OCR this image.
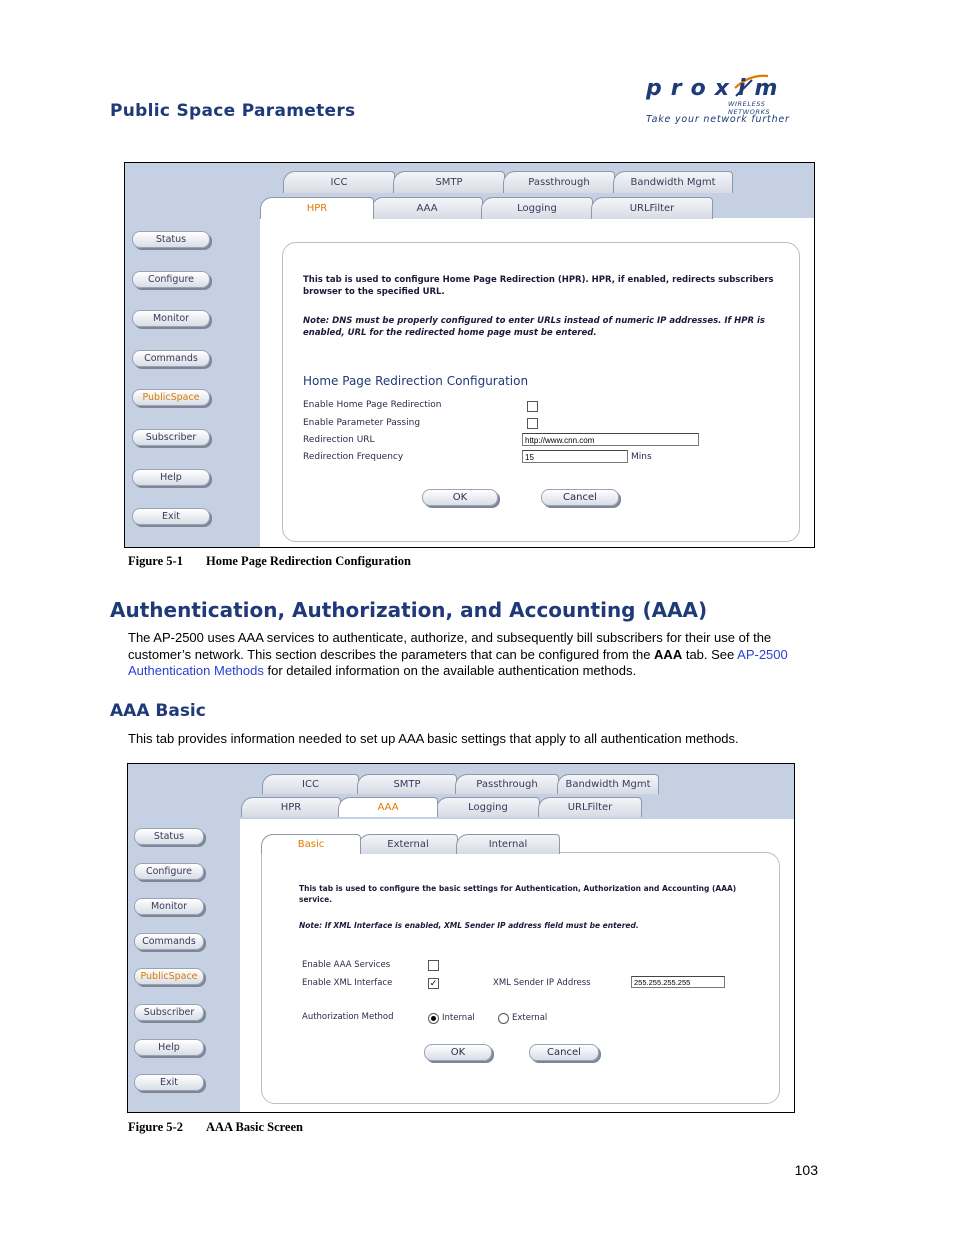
Public Space Parameters
proxim
WIRELESS NETWORKS
Take your network further
Status
Configure
Monitor
Commands
PublicSpace
Subscriber
Help
Exit
ICC	SMTP	Passthrough	Bandwidth Mgmt
HPR	AAA	Logging	URLFilter
This tab is used to configure Home Page Redirection (HPR). HPR, if enabled, redirects subscribers
browser to the specified URL.
Note: DNS must be properly configured to enter URLs instead of numeric IP addresses. If HPR is
enabled, URL for the redirected home page must be entered.
Home Page Redirection Configuration
Enable Home Page Redirection
Enable Parameter Passing
Redirection URL	http://www.cnn.com
Redirection Frequency	15	Mins
OK	Cancel
Figure 5-1 Home Page Redirection Configuration
Authentication, Authorization, and Accounting (AAA)
The AP-2500 uses AAA services to authenticate, authorize, and subsequently bill subscribers for their use of the customer’s network. This section describes the parameters that can be configured from the AAA tab. See AP-2500 Authentication Methods for detailed information on the available authentication methods.
AAA Basic
This tab provides information needed to set up AAA basic settings that apply to all authentication methods.
Status
Configure
Monitor
Commands
PublicSpace
Subscriber
Help
Exit
ICC	SMTP	Passthrough	Bandwidth Mgmt
HPR	AAA	Logging	URLFilter
Basic	External	Internal
This tab is used to configure the basic settings for Authentication, Authorization and Accounting (AAA)
service.
Note: If XML Interface is enabled, XML Sender IP address field must be entered.
Enable AAA Services
Enable XML Interface	✓	XML Sender IP Address	255.255.255.255
Authorization Method	Internal	External
OK	Cancel
Figure 5-2 AAA Basic Screen
103
